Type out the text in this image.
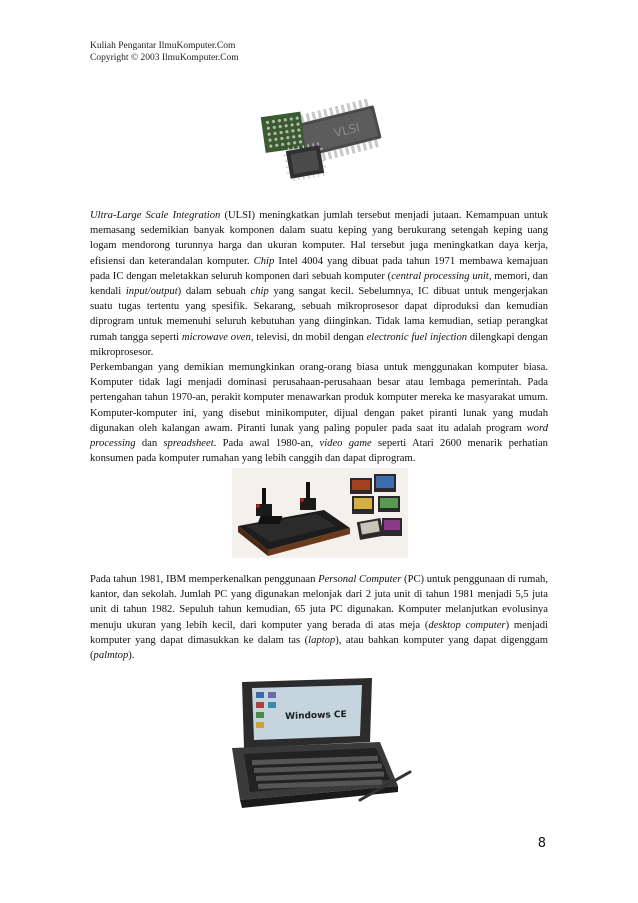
Kuliah Pengantar IlmuKomputer.Com
Copyright © 2003 IlmuKomputer.Com
VLSI

Ultra-Large Scale Integration (ULSI) meningkatkan jumlah tersebut menjadi jutaan. Kemampuan untuk memasang sedemikian banyak komponen dalam suatu keping yang berukurang setengah keping uang logam mendorong turunnya harga dan ukuran komputer. Hal tersebut juga meningkatkan daya kerja, efisiensi dan keterandalan komputer. Chip Intel 4004 yang dibuat pada tahun 1971 membawa kemajuan pada IC dengan meletakkan seluruh komponen dari sebuah komputer (central processing unit, memori, dan kendali input/output) dalam sebuah chip yang sangat kecil. Sebelumnya, IC dibuat untuk mengerjakan suatu tugas tertentu yang spesifik. Sekarang, sebuah mikroprosesor dapat diproduksi dan kemudian diprogram untuk memenuhi seluruh kebutuhan yang diinginkan. Tidak lama kemudian, setiap perangkat rumah tangga seperti microwave oven, televisi, dn mobil dengan electronic fuel injection dilengkapi dengan mikroprosesor.

Perkembangan yang demikian memungkinkan orang-orang biasa untuk menggunakan komputer biasa. Komputer tidak lagi menjadi dominasi perusahaan-perusahaan besar atau lembaga pemerintah. Pada pertengahan tahun 1970-an, perakit komputer menawarkan produk komputer mereka ke masyarakat umum. Komputer-komputer ini, yang disebut minikomputer, dijual dengan paket piranti lunak yang mudah digunakan oleh kalangan awam. Piranti lunak yang paling populer pada saat itu adalah program word processing dan spreadsheet. Pada awal 1980-an, video game seperti Atari 2600 menarik perhatian konsumen pada komputer rumahan yang lebih canggih dan dapat diprogram.

Pada tahun 1981, IBM memperkenalkan penggunaan Personal Computer (PC) untuk penggunaan di rumah, kantor, dan sekolah. Jumlah PC yang digunakan melonjak dari 2 juta unit di tahun 1981 menjadi 5,5 juta unit di tahun 1982. Sepuluh tahun kemudian, 65 juta PC digunakan. Komputer melanjutkan evolusinya menuju ukuran yang lebih kecil, dari komputer yang berada di atas meja (desktop computer) menjadi komputer yang dapat dimasukkan ke dalam tas (laptop), atau bahkan komputer yang dapat digenggam (palmtop).

Windows CE
8
